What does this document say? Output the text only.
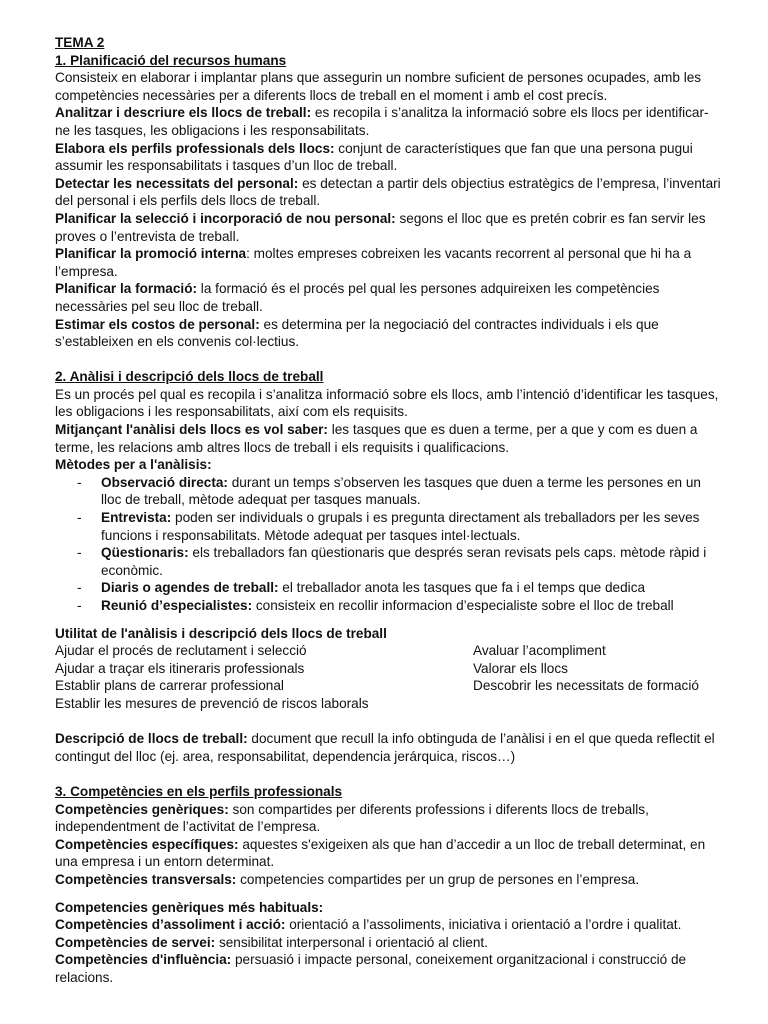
TEMA 2

1. Planificació del recursos humans

Consisteix en elaborar i implantar plans que assegurin un nombre suficient de persones ocupades, amb les competències necessàries per a diferents llocs de treball en el moment i amb el cost precís.

Analitzar i descriure els llocs de treball: es recopila i s’analitza la informació sobre els llocs per identificar-ne les tasques, les obligacions i les responsabilitats.

Elabora els perfils professionals dels llocs: conjunt de característiques que fan que una persona pugui assumir les responsabilitats i tasques d’un lloc de treball.

Detectar les necessitats del personal: es detectan a partir dels objectius estratègics de l’empresa, l’inventari del personal i els perfils dels llocs de treball.

Planificar la selecció i incorporació de nou personal: segons el lloc que es pretén cobrir es fan servir les proves o l’entrevista de treball.

Planificar la promoció interna: moltes empreses cobreixen les vacants recorrent al personal que hi ha a l’empresa.

Planificar la formació: la formació és el procés pel qual les persones adquireixen les competències necessàries pel seu lloc de treball.

Estimar els costos de personal: es determina per la negociació del contractes individuals i els que s’estableixen en els convenis col·lectius.

2. Anàlisi i descripció dels llocs de treball

Es un procés pel qual es recopila i s’analitza informació sobre els llocs, amb l’intenció d’identificar les tasques, les obligacions i les responsabilitats, així com els requisits.

Mitjançant l'anàlisi dels llocs es vol saber: les tasques que es duen a terme, per a que y com es duen a terme, les relacions amb altres llocs de treball i els requisits i qualificacions.

Mètodes per a l'anàlisis:

- Observació directa: durant un temps s’observen les tasques que duen a terme les persones en un lloc de treball, mètode adequat per tasques manuals.
- Entrevista: poden ser individuals o grupals i es pregunta directament als treballadors per les seves funcions i responsabilitats. Mètode adequat per tasques intel·lectuals.
- Qüestionaris: els treballadors fan qüestionaris que després seran revisats pels caps. mètode ràpid i econòmic.
- Diaris o agendes de treball: el treballador anota les tasques que fa i el temps que dedica
- Reunió d’especialistes: consisteix en recollir informacion d’especialiste sobre el lloc de treball

Utilitat de l'anàlisis i descripció dels llocs de treball

Ajudar el procés de reclutament i selecció

Ajudar a traçar els itineraris professionals

Establir plans de carrerar professional

Establir les mesures de prevenció de riscos laborals

Avaluar l’acompliment

Valorar els llocs

Descobrir les necessitats de formació

Descripció de llocs de treball: document que recull la info obtinguda de l’anàlisi i en el que queda reflectit el contingut del lloc (ej. area, responsabilitat, dependencia jerárquica, riscos…)

3. Competències en els perfils professionals

Competències genèriques: son compartides per diferents professions i diferents llocs de treballs, independentment de l’activitat de l’empresa.

Competències específiques: aquestes s'exigeixen als que han d’accedir a un lloc de treball determinat, en una empresa i un entorn determinat.

Competències transversals: competencies compartides per un grup de persones en l’empresa.

Competencies genèriques més habituals:

Competències d’assoliment i acció: orientació a l’assoliments, iniciativa i orientació a l’ordre i qualitat.

Competències de servei: sensibilitat interpersonal i orientació al client.

Competències d'influència: persuasió i impacte personal, coneixement organitzacional i construcció de relacions.
